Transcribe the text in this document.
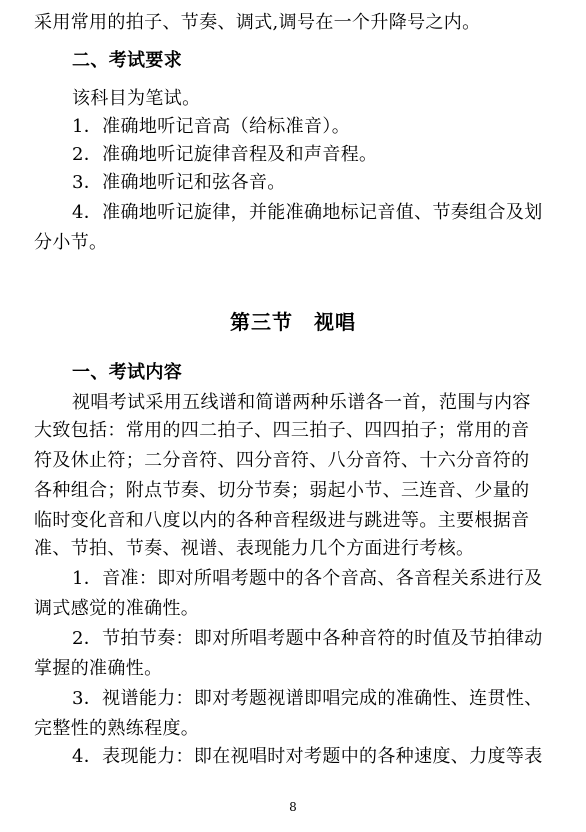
采用常用的拍子、节奏、调式,调号在一个升降号之内。
二、考试要求
该科目为笔试。
1．准确地听记音高（给标准音）。
2．准确地听记旋律音程及和声音程。
3．准确地听记和弦各音。
4．准确地听记旋律，并能准确地标记音值、节奏组合及划
分小节。
第三节　视唱
一、考试内容
视唱考试采用五线谱和简谱两种乐谱各一首，范围与内容
大致包括：常用的四二拍子、四三拍子、四四拍子；常用的音
符及休止符；二分音符、四分音符、八分音符、十六分音符的
各种组合；附点节奏、切分节奏；弱起小节、三连音、少量的
临时变化音和八度以内的各种音程级进与跳进等。主要根据音
准、节拍、节奏、视谱、表现能力几个方面进行考核。
1．音准：即对所唱考题中的各个音高、各音程关系进行及
调式感觉的准确性。
2．节拍节奏：即对所唱考题中各种音符的时值及节拍律动
掌握的准确性。
3．视谱能力：即对考题视谱即唱完成的准确性、连贯性、
完整性的熟练程度。
4．表现能力：即在视唱时对考题中的各种速度、力度等表
8
